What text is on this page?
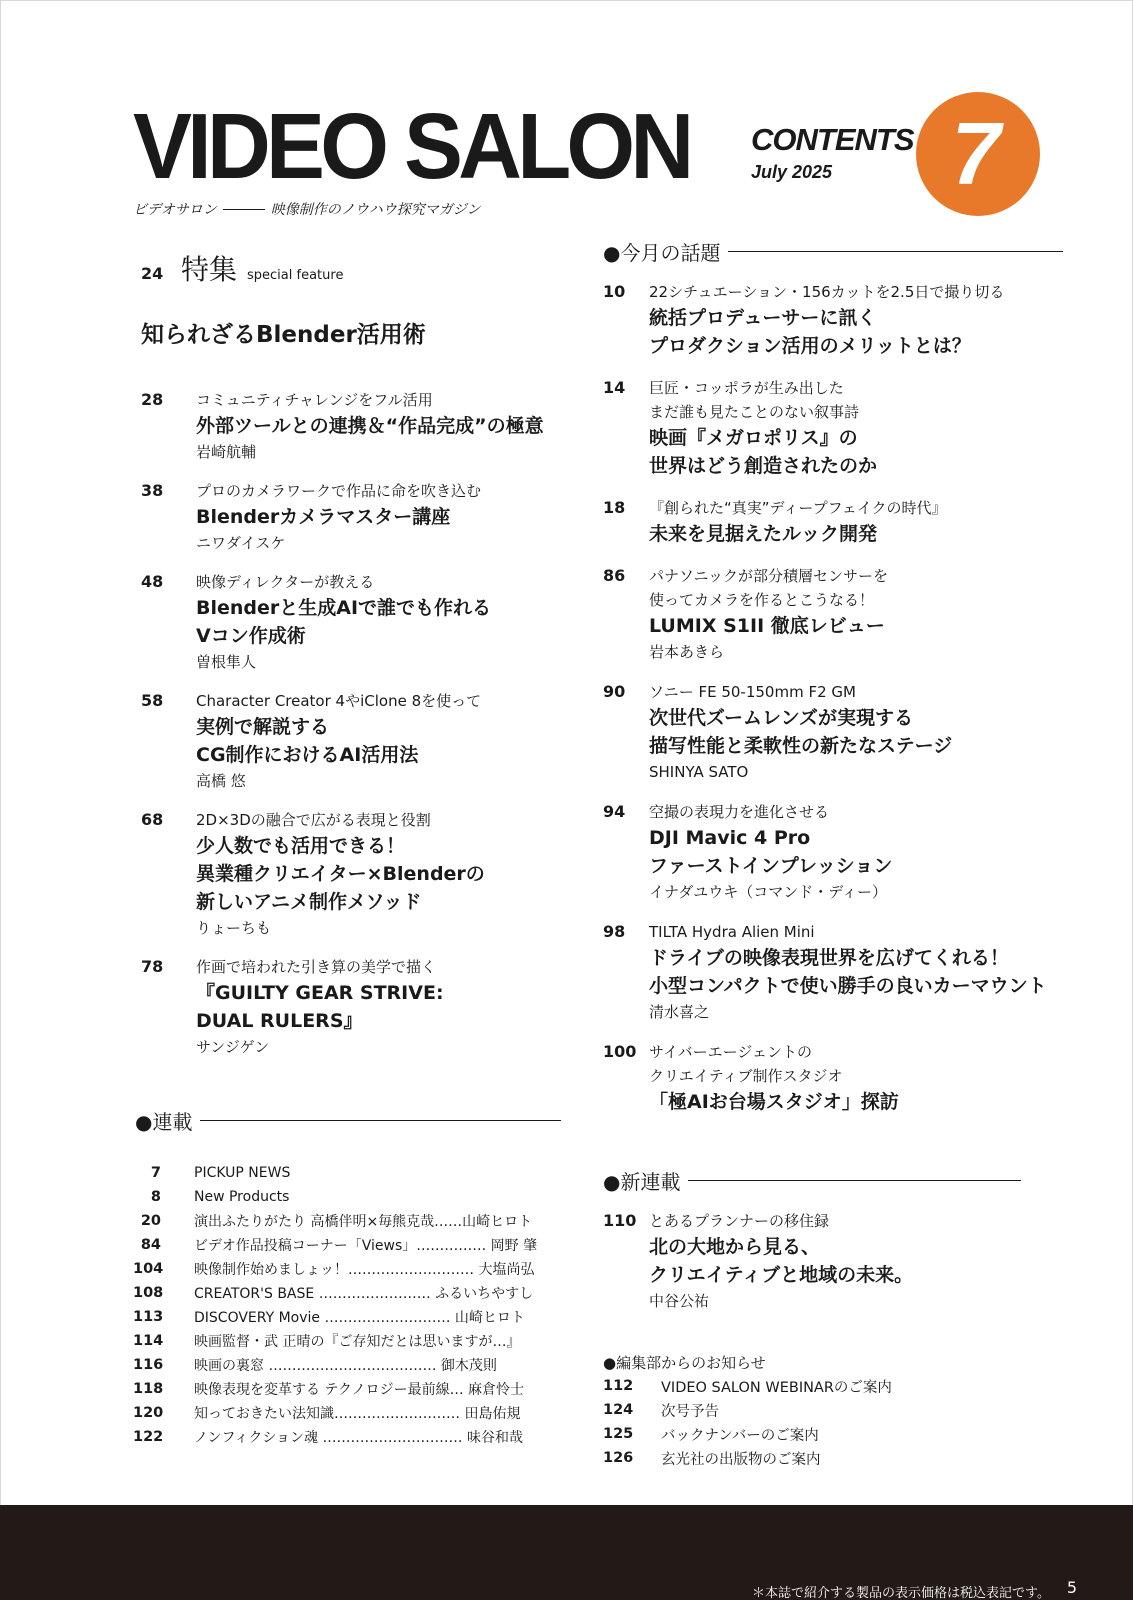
VIDEO SALON
ビデオサロン	映像制作のノウハウ探究マガジン
CONTENTS
July 2025	7
24 特集 special feature
知られざるBlender活用術
28	コミュニティチャレンジをフル活用
外部ツールとの連携＆“作品完成”の極意
岩崎航輔
38	プロのカメラワークで作品に命を吹き込む
Blenderカメラマスター講座
ニワダイスケ
48	映像ディレクターが教える
Blenderと生成AIで誰でも作れる
Vコン作成術
曽根隼人
58	Character Creator 4やiClone 8を使って
実例で解説する
CG制作におけるAI活用法
高橋 悠
68	2D×3Dの融合で広がる表現と役割
少人数でも活用できる！
異業種クリエイター×Blenderの
新しいアニメ制作メソッド
りょーちも
78	作画で培われた引き算の美学で描く
『GUILTY GEAR STRIVE:
DUAL RULERS』
サンジゲン
●今月の話題
10	22シチュエーション・156カットを2.5日で撮り切る
統括プロデューサーに訊く
プロダクション活用のメリットとは？
14	巨匠・コッポラが生み出した
まだ誰も見たことのない叙事詩
映画『メガロポリス』の
世界はどう創造されたのか
18	『創られた“真実”ディープフェイクの時代』
未来を見据えたルック開発
86	パナソニックが部分積層センサーを
使ってカメラを作るとこうなる！
LUMIX S1II 徹底レビュー
岩本あきら
90	ソニー FE 50-150mm F2 GM
次世代ズームレンズが実現する
描写性能と柔軟性の新たなステージ
SHINYA SATO
94	空撮の表現力を進化させる
DJI Mavic 4 Pro
ファーストインプレッション
イナダユウキ（コマンド・ディー）
98	TILTA Hydra Alien Mini
ドライブの映像表現世界を広げてくれる！
小型コンパクトで使い勝手の良いカーマウント
清水喜之
100 サイバーエージェントの
クリエイティブ制作スタジオ
「極AIお台場スタジオ」探訪
●連載
7 PICKUP NEWS
8 New Products
20 演出ふたりがたり 高橋伴明×毎熊克哉……山崎ヒロト
84 ビデオ作品投稿コーナー「Views」…………… 岡野 肇
104 映像制作始めましょッ！……………………… 大塩尚弘
108 CREATOR'S BASE …………………… ふるいちやすし
113 DISCOVERY Movie ……………………… 山崎ヒロト
114 映画監督・武 正晴の『ご存知だとは思いますが…』
116 映画の裏窓 ……………………………… 御木茂則
118 映像表現を変革する テクノロジー最前線… 麻倉怜士
120 知っておきたい法知識……………………… 田島佑規
122 ノンフィクション魂 ………………………… 味谷和哉
●新連載
110 とあるプランナーの移住録
北の大地から見る、
クリエイティブと地域の未来。
中谷公祐
●編集部からのお知らせ
112	VIDEO SALON WEBINARのご案内
124	次号予告
125	バックナンバーのご案内
126	玄光社の出版物のご案内
＊本誌で紹介する製品の表示価格は税込表記です。 5
